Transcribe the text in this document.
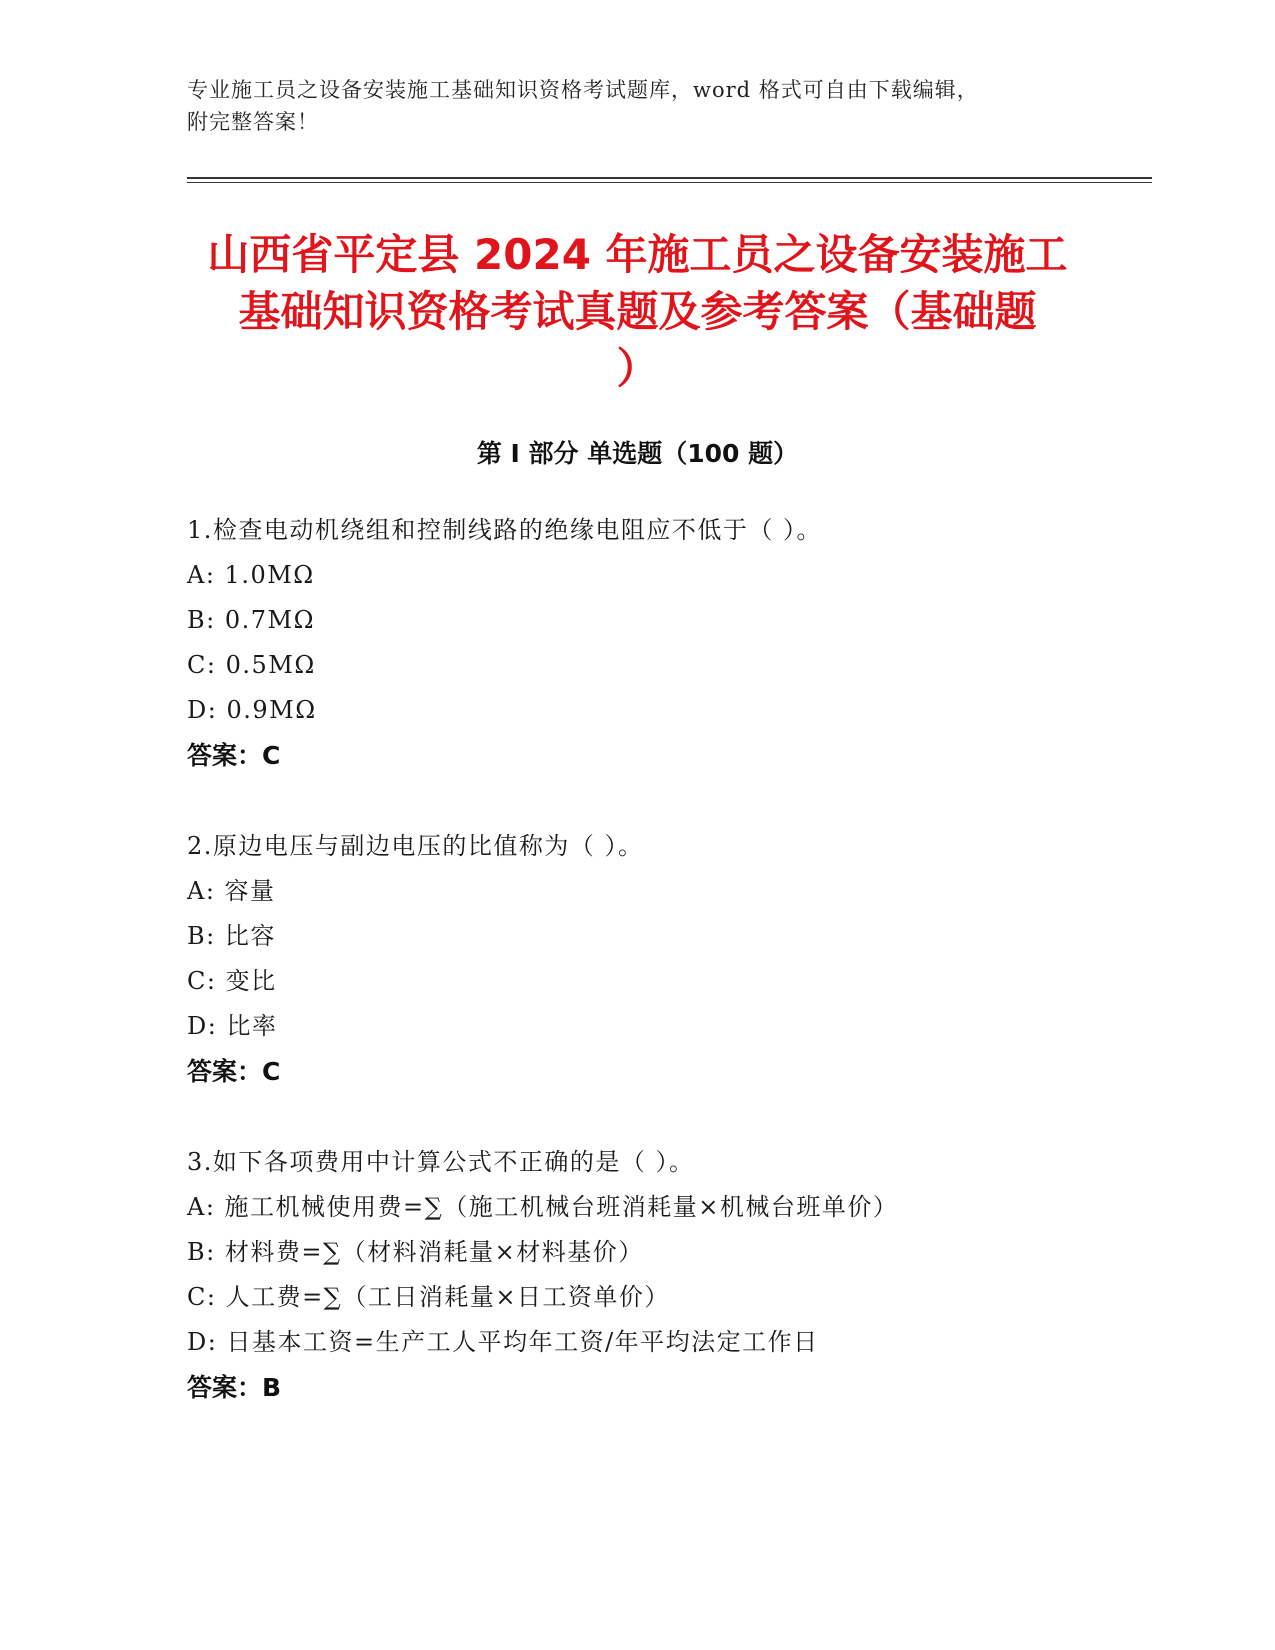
专业施工员之设备安装施工基础知识资格考试题库，word 格式可自由下载编辑，
附完整答案！
山西省平定县 2024 年施工员之设备安装施工
基础知识资格考试真题及参考答案（基础题
）
第 I 部分 单选题（100 题）
1.检查电动机绕组和控制线路的绝缘电阻应不低于（ ）。
A: 1.0MΩ
B: 0.7MΩ
C: 0.5MΩ
D: 0.9MΩ
答案：C
2.原边电压与副边电压的比值称为（ ）。
A: 容量
B: 比容
C: 变比
D: 比率
答案：C
3.如下各项费用中计算公式不正确的是（ ）。
A: 施工机械使用费=∑（施工机械台班消耗量×机械台班单价）
B: 材料费=∑（材料消耗量×材料基价）
C: 人工费=∑（工日消耗量×日工资单价）
D: 日基本工资=生产工人平均年工资/年平均法定工作日
答案：B
